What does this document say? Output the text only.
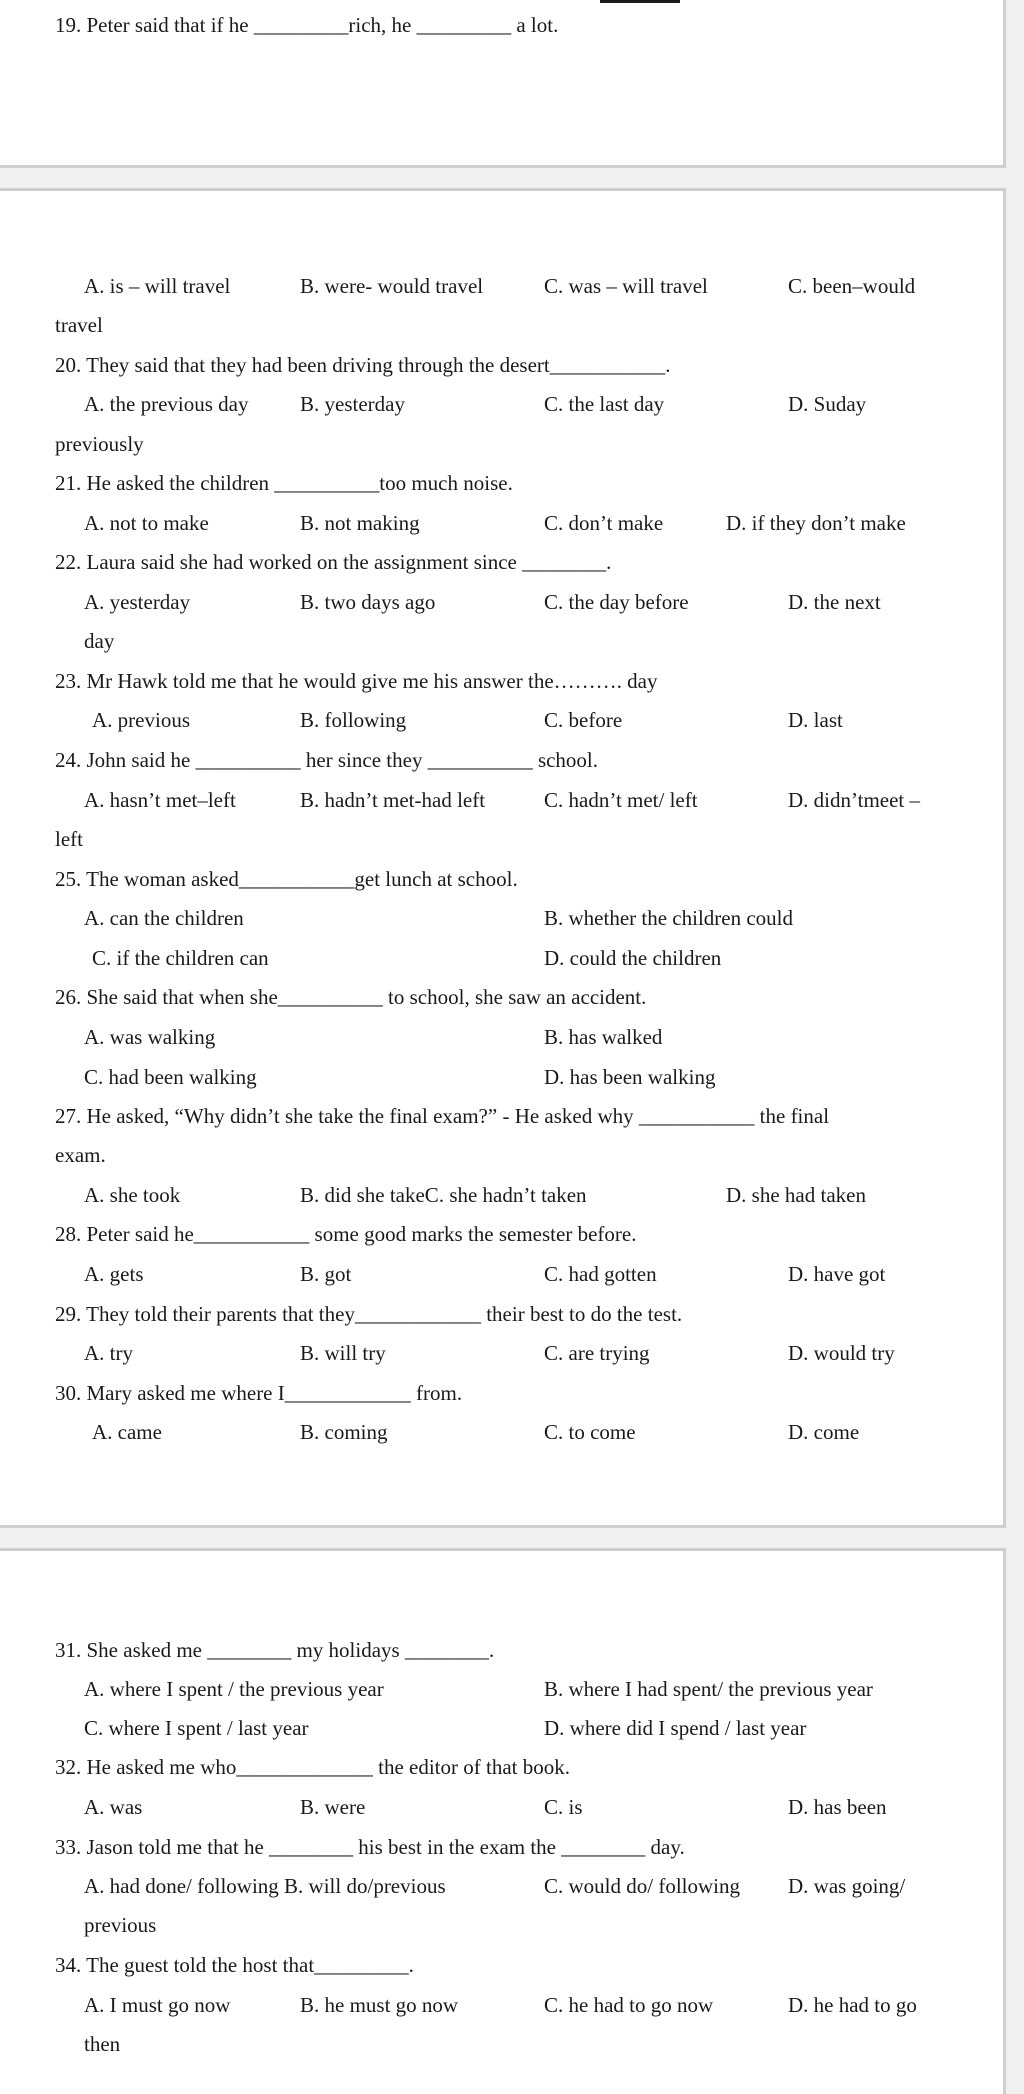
19. Peter said that if he _________rich, he _________ a lot.
A. is – will travel	B. were- would travel	C. was – will travel	C. been–would
travel
20. They said that they had been driving through the desert___________.
A. the previous day B. yesterday	C. the last day	D. Suday
previously
21. He asked the children __________too much noise.
A. not to make	B. not making	C. don’t make	D. if they don’t make
22. Laura said she had worked on the assignment since ________.
A. yesterday	B. two days ago	C. the day before	D. the next
day
23. Mr Hawk told me that he would give me his answer the………. day
A. previous	B. following	C. before	D. last
24. John said he __________ her since they __________ school.
A. hasn’t met–left	B. hadn’t met-had left	C. hadn’t met/ left	D. didn’tmeet –
left
25. The woman asked___________get lunch at school.
A. can the children	B. whether the children could
C. if the children can	D. could the children
26. She said that when she__________ to school, she saw an accident.
A. was walking	B. has walked
C. had been walking	D. has been walking
27. He asked, “Why didn’t she take the final exam?” - He asked why ___________ the final
exam.
A. she took	B. did she takeC. she hadn’t taken	D. she had taken
28. Peter said he___________ some good marks the semester before.
A. gets	B. got	C. had gotten	D. have got
29. They told their parents that they____________ their best to do the test.
A. try	B. will try	C. are trying	D. would try
30. Mary asked me where I____________ from.
A. came	B. coming	C. to come	D. come
31. She asked me ________ my holidays ________.
A. where I spent / the previous year	B. where I had spent/ the previous year
C. where I spent / last year	D. where did I spend / last year
32. He asked me who_____________ the editor of that book.
A. was	B. were	C. is	D. has been
33. Jason told me that he ________ his best in the exam the ________ day.
A. had done/ following B. will do/previous	C. would do/ following D. was going/
previous
34. The guest told the host that_________.
A. I must go now	B. he must go now	C. he had to go now	D. he had to go
then
